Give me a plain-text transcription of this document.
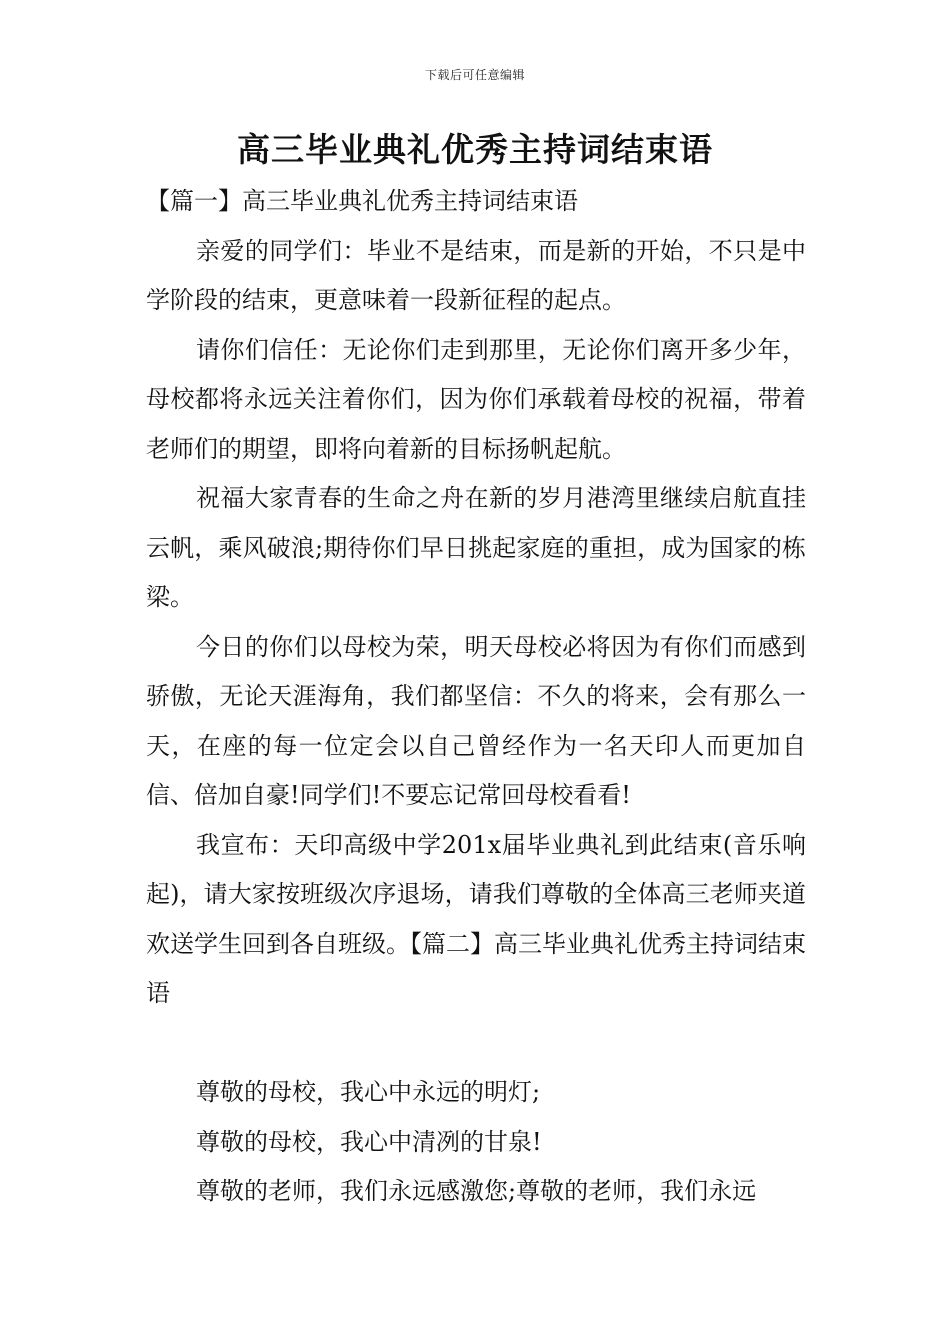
下载后可任意编辑
高三毕业典礼优秀主持词结束语
【篇一】高三毕业典礼优秀主持词结束语

亲爱的同学们：毕业不是结束，而是新的开始，不只是中学阶段的结束，更意味着一段新征程的起点。

请你们信任：无论你们走到那里，无论你们离开多少年，母校都将永远关注着你们，因为你们承载着母校的祝福，带着老师们的期望，即将向着新的目标扬帆起航。

祝福大家青春的生命之舟在新的岁月港湾里继续启航直挂云帆，乘风破浪;期待你们早日挑起家庭的重担，成为国家的栋梁。

今日的你们以母校为荣，明天母校必将因为有你们而感到骄傲，无论天涯海角，我们都坚信：不久的将来，会有那么一天，在座的每一位定会以自己曾经作为一名天印人而更加自信、倍加自豪!同学们!不要忘记常回母校看看!

我宣布：天印高级中学201x届毕业典礼到此结束(音乐响起)，请大家按班级次序退场，请我们尊敬的全体高三老师夹道欢送学生回到各自班级。【篇二】高三毕业典礼优秀主持词结束语

尊敬的母校，我心中永远的明灯;

尊敬的母校，我心中清冽的甘泉!

尊敬的老师，我们永远感激您;尊敬的老师，我们永远
